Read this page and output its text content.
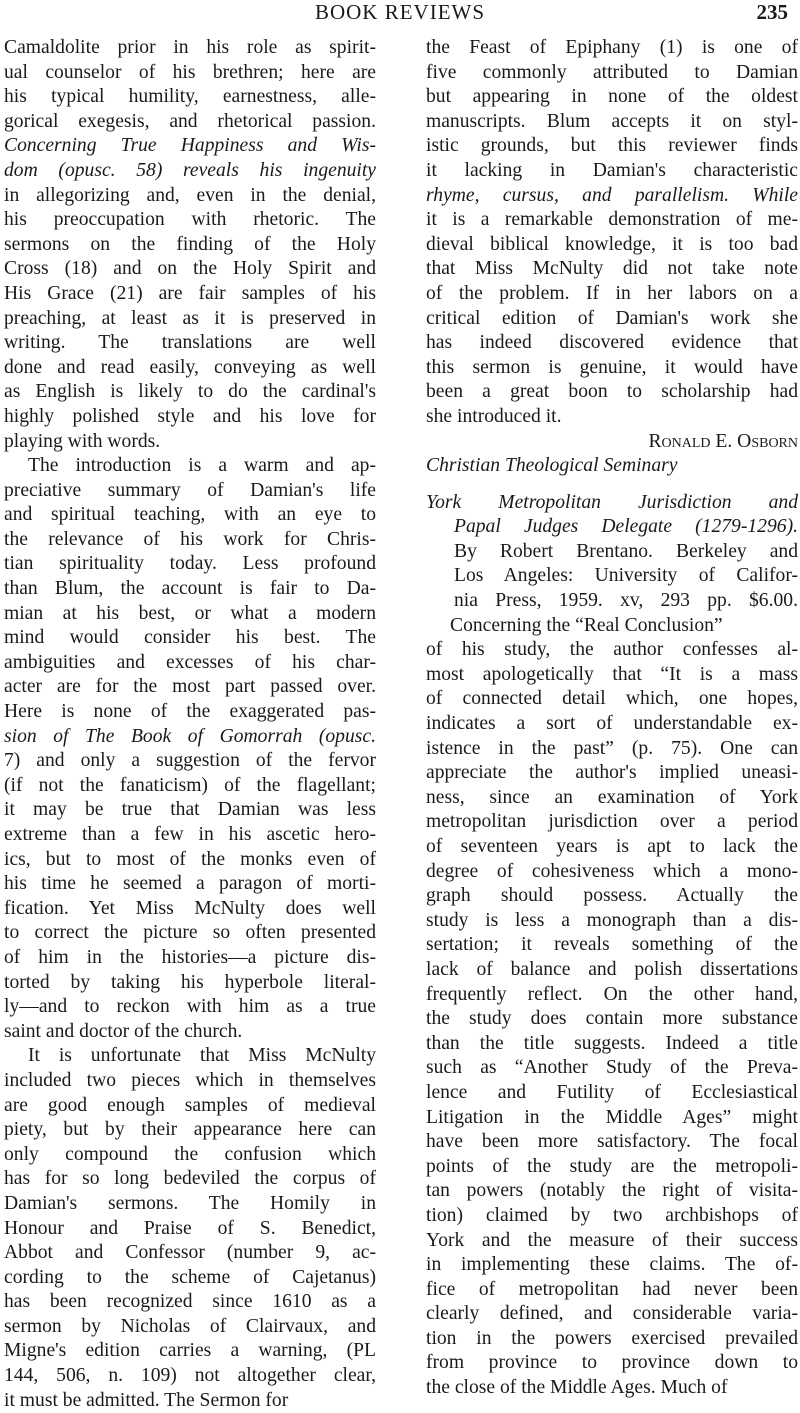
BOOK REVIEWS	235
Camaldolite prior in his role as spirit-
ual counselor of his brethren; here are
his typical humility, earnestness, alle-
gorical exegesis, and rhetorical passion.
Concerning True Happiness and Wis-
dom (opusc. 58) reveals his ingenuity
in allegorizing and, even in the denial,
his preoccupation with rhetoric. The
sermons on the finding of the Holy
Cross (18) and on the Holy Spirit and
His Grace (21) are fair samples of his
preaching, at least as it is preserved in
writing. The translations are well
done and read easily, conveying as well
as English is likely to do the cardinal's
highly polished style and his love for
playing with words.
The introduction is a warm and ap-
preciative summary of Damian's life
and spiritual teaching, with an eye to
the relevance of his work for Chris-
tian spirituality today. Less profound
than Blum, the account is fair to Da-
mian at his best, or what a modern
mind would consider his best. The
ambiguities and excesses of his char-
acter are for the most part passed over.
Here is none of the exaggerated pas-
sion of The Book of Gomorrah (opusc.
7) and only a suggestion of the fervor
(if not the fanaticism) of the flagellant;
it may be true that Damian was less
extreme than a few in his ascetic hero-
ics, but to most of the monks even of
his time he seemed a paragon of morti-
fication. Yet Miss McNulty does well
to correct the picture so often presented
of him in the histories—a picture dis-
torted by taking his hyperbole literal-
ly—and to reckon with him as a true
saint and doctor of the church.
It is unfortunate that Miss McNulty
included two pieces which in themselves
are good enough samples of medieval
piety, but by their appearance here can
only compound the confusion which
has for so long bedeviled the corpus of
Damian's sermons. The Homily in
Honour and Praise of S. Benedict,
Abbot and Confessor (number 9, ac-
cording to the scheme of Cajetanus)
has been recognized since 1610 as a
sermon by Nicholas of Clairvaux, and
Migne's edition carries a warning, (PL
144, 506, n. 109) not altogether clear,
it must be admitted. The Sermon for
the Feast of Epiphany (1) is one of
five commonly attributed to Damian
but appearing in none of the oldest
manuscripts. Blum accepts it on styl-
istic grounds, but this reviewer finds
it lacking in Damian's characteristic
rhyme, cursus, and parallelism. While
it is a remarkable demonstration of me-
dieval biblical knowledge, it is too bad
that Miss McNulty did not take note
of the problem. If in her labors on a
critical edition of Damian's work she
has indeed discovered evidence that
this sermon is genuine, it would have
been a great boon to scholarship had
she introduced it.
Ronald E. Osborn
Christian Theological Seminary
York Metropolitan Jurisdiction and
Papal Judges Delegate (1279-1296).
By Robert Brentano. Berkeley and
Los Angeles: University of Califor-
nia Press, 1959. xv, 293 pp. $6.00.
Concerning the “Real Conclusion”
of his study, the author confesses al-
most apologetically that “It is a mass
of connected detail which, one hopes,
indicates a sort of understandable ex-
istence in the past” (p. 75). One can
appreciate the author's implied uneasi-
ness, since an examination of York
metropolitan jurisdiction over a period
of seventeen years is apt to lack the
degree of cohesiveness which a mono-
graph should possess. Actually the
study is less a monograph than a dis-
sertation; it reveals something of the
lack of balance and polish dissertations
frequently reflect. On the other hand,
the study does contain more substance
than the title suggests. Indeed a title
such as “Another Study of the Preva-
lence and Futility of Ecclesiastical
Litigation in the Middle Ages” might
have been more satisfactory. The focal
points of the study are the metropoli-
tan powers (notably the right of visita-
tion) claimed by two archbishops of
York and the measure of their success
in implementing these claims. The of-
fice of metropolitan had never been
clearly defined, and considerable varia-
tion in the powers exercised prevailed
from province to province down to
the close of the Middle Ages. Much of
